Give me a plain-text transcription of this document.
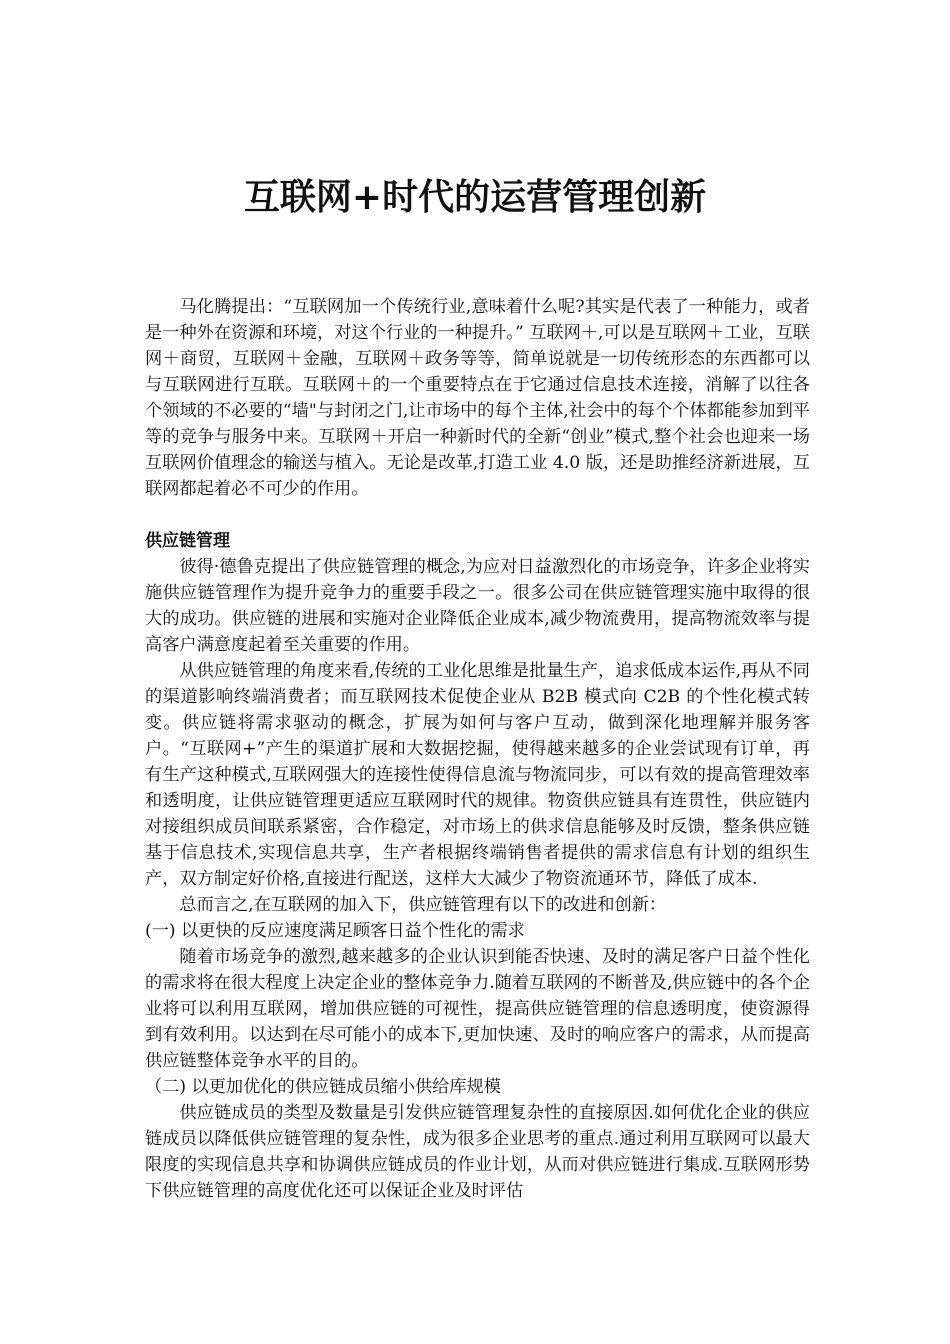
互联网+时代的运营管理创新

马化腾提出：“互联网加一个传统行业,意味着什么呢?其实是代表了一种能力，或者是一种外在资源和环境，对这个行业的一种提升。” 互联网＋,可以是互联网＋工业，互联网＋商贸，互联网＋金融，互联网＋政务等等，简单说就是一切传统形态的东西都可以与互联网进行互联。互联网＋的一个重要特点在于它通过信息技术连接，消解了以往各个领域的不必要的“墙"与封闭之门,让市场中的每个主体,社会中的每个个体都能参加到平等的竞争与服务中来。互联网＋开启一种新时代的全新“创业”模式,整个社会也迎来一场互联网价值理念的输送与植入。无论是改革,打造工业 4.0 版，还是助推经济新进展，互联网都起着必不可少的作用。

供应链管理

彼得·德鲁克提出了供应链管理的概念,为应对日益激烈化的市场竞争，许多企业将实施供应链管理作为提升竞争力的重要手段之一。很多公司在供应链管理实施中取得的很大的成功。供应链的进展和实施对企业降低企业成本,减少物流费用，提高物流效率与提高客户满意度起着至关重要的作用。

从供应链管理的角度来看,传统的工业化思维是批量生产，追求低成本运作,再从不同的渠道影响终端消费者；而互联网技术促使企业从 B2B 模式向 C2B 的个性化模式转变。供应链将需求驱动的概念，扩展为如何与客户互动，做到深化地理解并服务客户。“互联网+”产生的渠道扩展和大数据挖掘，使得越来越多的企业尝试现有订单，再有生产这种模式,互联网强大的连接性使得信息流与物流同步，可以有效的提高管理效率和透明度，让供应链管理更适应互联网时代的规律。物资供应链具有连贯性，供应链内对接组织成员间联系紧密，合作稳定，对市场上的供求信息能够及时反馈，整条供应链基于信息技术,实现信息共享，生产者根据终端销售者提供的需求信息有计划的组织生产，双方制定好价格,直接进行配送，这样大大减少了物资流通环节，降低了成本.

总而言之,在互联网的加入下，供应链管理有以下的改进和创新：

(一) 以更快的反应速度满足顾客日益个性化的需求

随着市场竞争的激烈,越来越多的企业认识到能否快速、及时的满足客户日益个性化的需求将在很大程度上决定企业的整体竞争力.随着互联网的不断普及,供应链中的各个企业将可以利用互联网，增加供应链的可视性，提高供应链管理的信息透明度，使资源得到有效利用。以达到在尽可能小的成本下,更加快速、及时的响应客户的需求，从而提高供应链整体竞争水平的目的。

（二) 以更加优化的供应链成员缩小供给库规模

供应链成员的类型及数量是引发供应链管理复杂性的直接原因.如何优化企业的供应链成员以降低供应链管理的复杂性，成为很多企业思考的重点.通过利用互联网可以最大限度的实现信息共享和协调供应链成员的作业计划，从而对供应链进行集成.互联网形势下供应链管理的高度优化还可以保证企业及时评估
